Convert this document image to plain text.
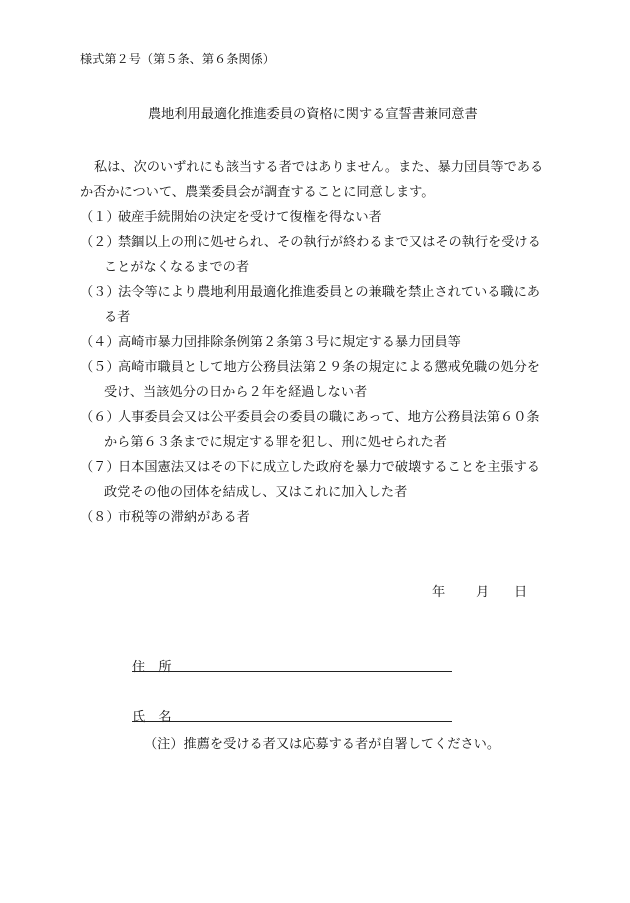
様式第２号（第５条、第６条関係）
農地利用最適化推進委員の資格に関する宣誓書兼同意書
私は、次のいずれにも該当する者ではありません。また、暴力団員等である
か否かについて、農業委員会が調査することに同意します。
（１）破産手続開始の決定を受けて復権を得ない者
（２）禁錮以上の刑に処せられ、その執行が終わるまで又はその執行を受ける
ことがなくなるまでの者
（３）法令等により農地利用最適化推進委員との兼職を禁止されている職にあ
る者
（４）高崎市暴力団排除条例第２条第３号に規定する暴力団員等
（５）高崎市職員として地方公務員法第２９条の規定による懲戒免職の処分を
受け、当該処分の日から２年を経過しない者
（６）人事委員会又は公平委員会の委員の職にあって、地方公務員法第６０条
から第６３条までに規定する罪を犯し、刑に処せられた者
（７）日本国憲法又はその下に成立した政府を暴力で破壊することを主張する
政党その他の団体を結成し、又はこれに加入した者
（８）市税等の滞納がある者
年 月 日
住　所
氏　名
（注）推薦を受ける者又は応募する者が自署してください。
